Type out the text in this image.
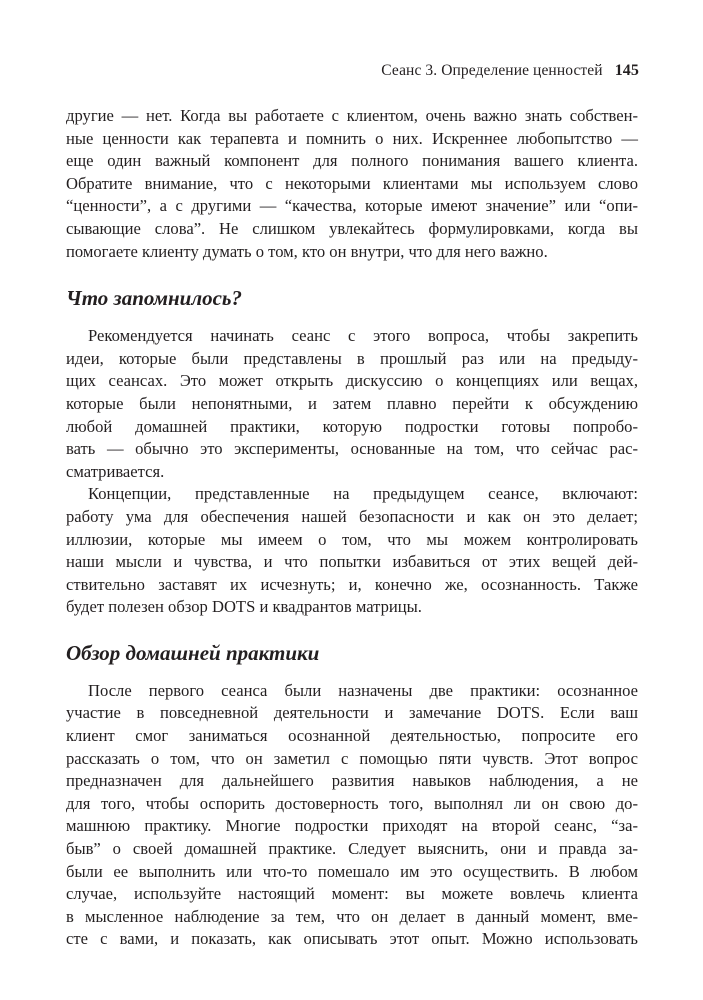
Сеанс 3. Определение ценностей 145
другие — нет. Когда вы работаете с клиентом, очень важно знать собствен-
ные ценности как терапевта и помнить о них. Искреннее любопытство —
еще один важный компонент для полного понимания вашего клиента.
Обратите внимание, что с некоторыми клиентами мы используем слово
“ценности”, а с другими — “качества, которые имеют значение” или “опи-
сывающие слова”. Не слишком увлекайтесь формулировками, когда вы
помогаете клиенту думать о том, кто он внутри, что для него важно.
Что запомнилось?
Рекомендуется начинать сеанс с этого вопроса, чтобы закрепить
идеи, которые были представлены в прошлый раз или на предыду-
щих сеансах. Это может открыть дискуссию о концепциях или вещах,
которые были непонятными, и затем плавно перейти к обсуждению
любой домашней практики, которую подростки готовы попробо-
вать — обычно это эксперименты, основанные на том, что сейчас рас-
сматривается.
Концепции, представленные на предыдущем сеансе, включают:
работу ума для обеспечения нашей безопасности и как он это делает;
иллюзии, которые мы имеем о том, что мы можем контролировать
наши мысли и чувства, и что попытки избавиться от этих вещей дей-
ствительно заставят их исчезнуть; и, конечно же, осознанность. Также
будет полезен обзор DOTS и квадрантов матрицы.
Обзор домашней практики
После первого сеанса были назначены две практики: осознанное
участие в повседневной деятельности и замечание DOTS. Если ваш
клиент смог заниматься осознанной деятельностью, попросите его
рассказать о том, что он заметил с помощью пяти чувств. Этот вопрос
предназначен для дальнейшего развития навыков наблюдения, а не
для того, чтобы оспорить достоверность того, выполнял ли он свою до-
машнюю практику. Многие подростки приходят на второй сеанс, “за-
быв” о своей домашней практике. Следует выяснить, они и правда за-
были ее выполнить или что-то помешало им это осуществить. В любом
случае, используйте настоящий момент: вы можете вовлечь клиента
в мысленное наблюдение за тем, что он делает в данный момент, вме-
сте с вами, и показать, как описывать этот опыт. Можно использовать
